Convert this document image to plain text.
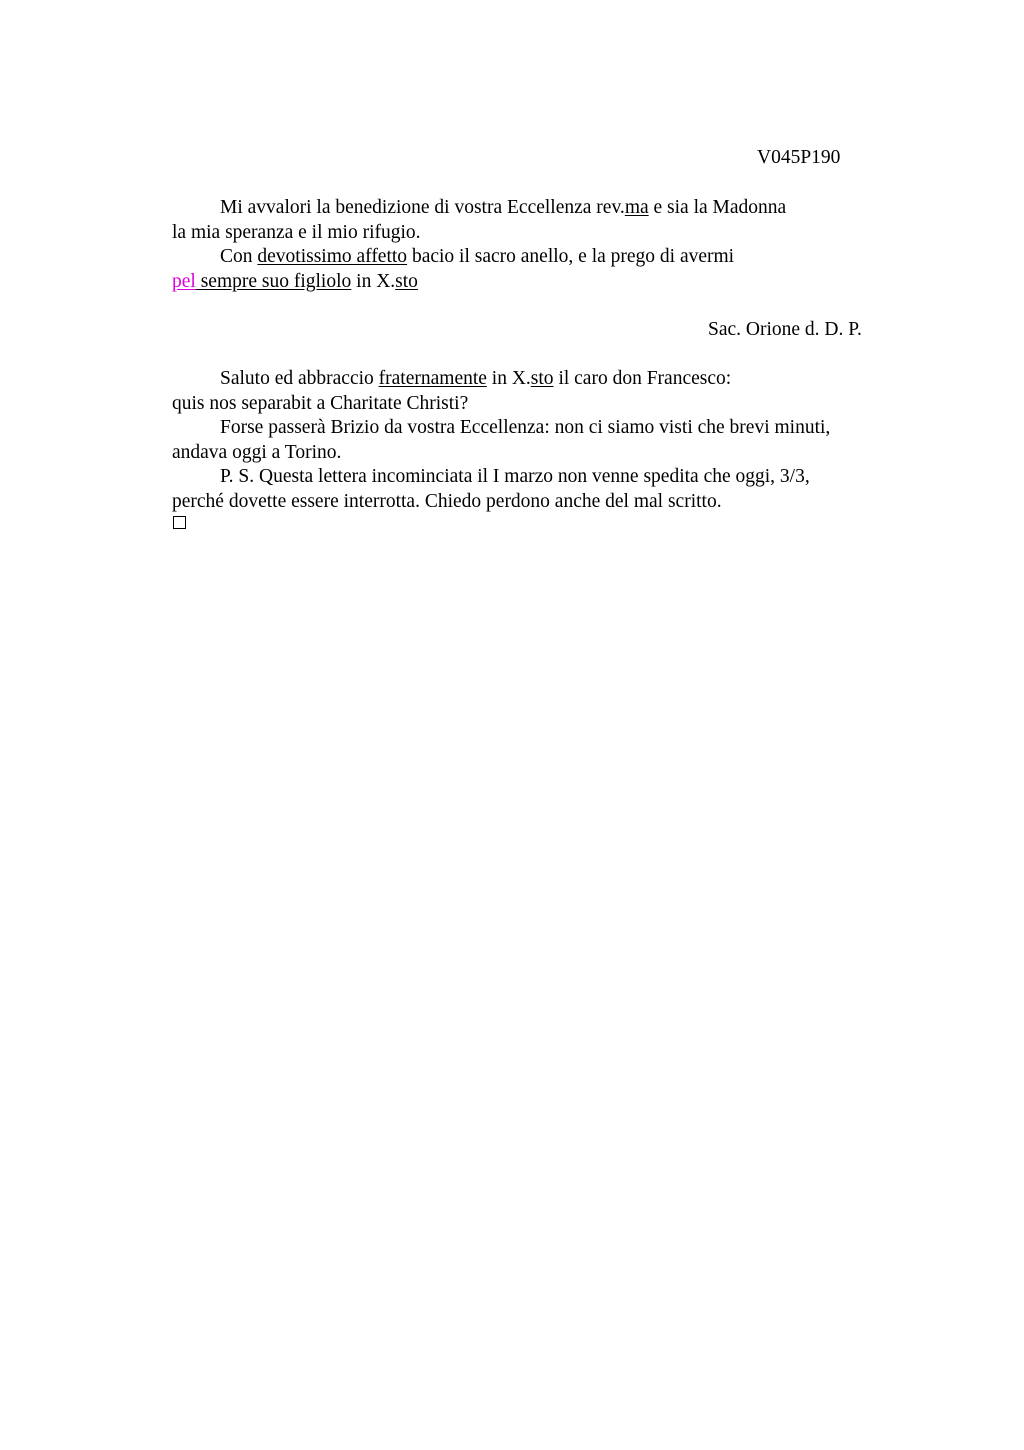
V045P190
Mi avvalori la benedizione di vostra Eccellenza rev.ma e sia la Madonna
la mia speranza e il mio rifugio.
Con devotissimo affetto bacio il sacro anello, e la prego di avermi
pel sempre suo figliolo in X.sto
Sac. Orione d. D. P.
Saluto ed abbraccio fraternamente in X.sto il caro don Francesco:
quis nos separabit a Charitate Christi?
Forse passerà Brizio da vostra Eccellenza: non ci siamo visti che brevi minuti,
andava oggi a Torino.
P. S. Questa lettera incominciata il I marzo non venne spedita che oggi, 3/3,
perché dovette essere interrotta. Chiedo perdono anche del mal scritto.
